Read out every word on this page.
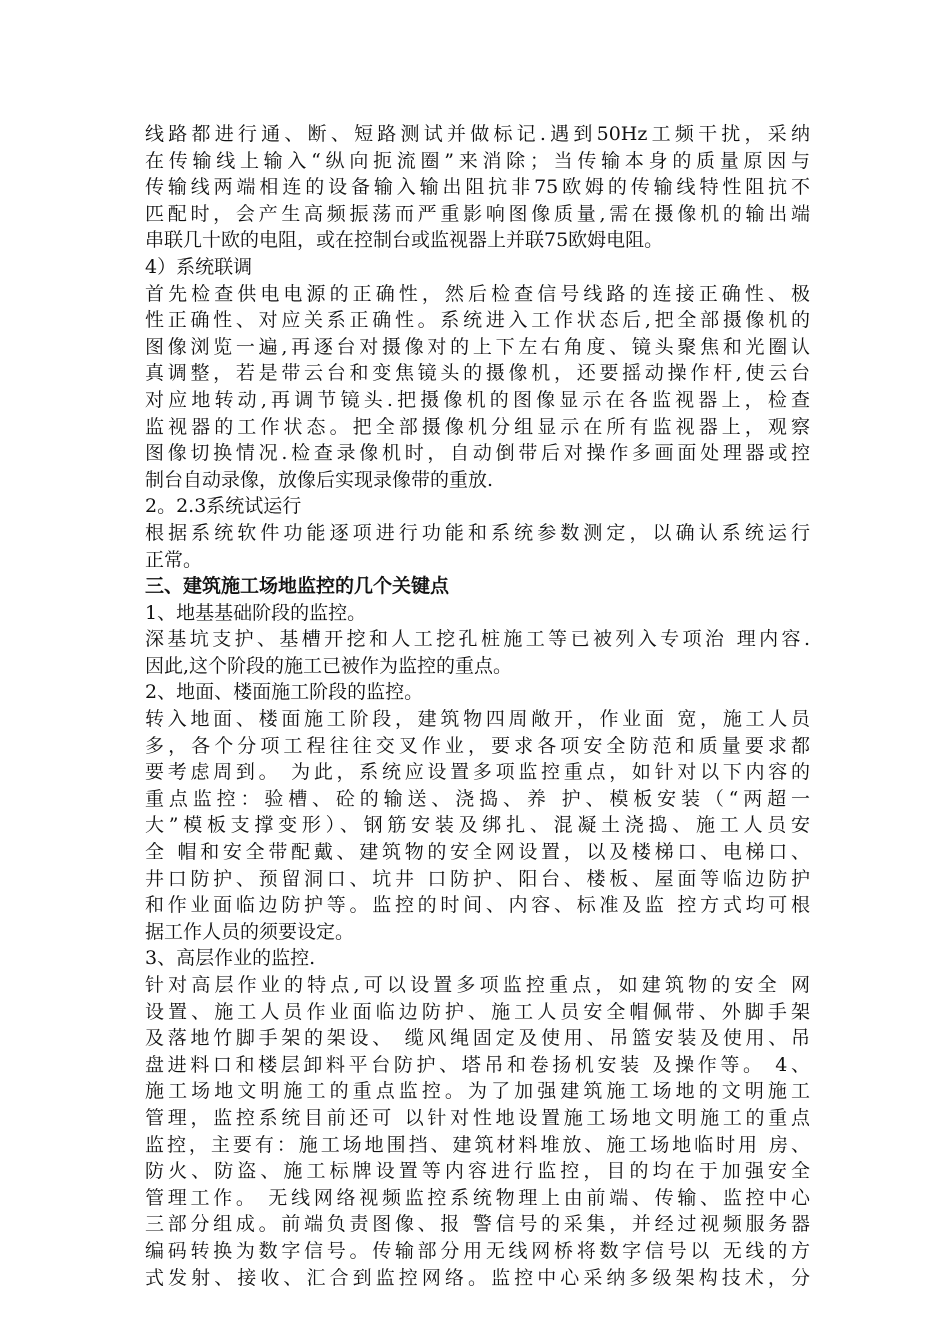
线路都进行通、断、短路测试并做标记.遇到50Hz工频干扰，采纳
在传输线上输入“纵向扼流圈”来消除；当传输本身的质量原因与
传输线两端相连的设备输入输出阻抗非75欧姆的传输线特性阻抗不
匹配时，会产生高频振荡而严重影响图像质量,需在摄像机的输出端
串联几十欧的电阻，或在控制台或监视器上并联75欧姆电阻。
4）系统联调
首先检查供电电源的正确性，然后检查信号线路的连接正确性、极
性正确性、对应关系正确性。系统进入工作状态后,把全部摄像机的
图像浏览一遍,再逐台对摄像对的上下左右角度、镜头聚焦和光圈认
真调整，若是带云台和变焦镜头的摄像机，还要摇动操作杆,使云台
对应地转动,再调节镜头.把摄像机的图像显示在各监视器上，检查
监视器的工作状态。把全部摄像机分组显示在所有监视器上，观察
图像切换情况.检查录像机时，自动倒带后对操作多画面处理器或控
制台自动录像，放像后实现录像带的重放.
2。2.3系统试运行
根据系统软件功能逐项进行功能和系统参数测定，以确认系统运行
正常。
三、建筑施工场地监控的几个关键点
1、地基基础阶段的监控。
深基坑支护、基槽开挖和人工挖孔桩施工等已被列入专项治 理内容.
因此,这个阶段的施工已被作为监控的重点。
2、地面、楼面施工阶段的监控。
转入地面、楼面施工阶段，建筑物四周敞开，作业面 宽，施工人员
多，各个分项工程往往交叉作业，要求各项安全防范和质量要求都
要考虑周到。 为此，系统应设置多项监控重点，如针对以下内容的
重点监控：验槽、砼的输送、浇捣、养 护、模板安装（“两超一
大”模板支撑变形）、钢筋安装及绑扎、混凝土浇捣、施工人员安
全 帽和安全带配戴、建筑物的安全网设置，以及楼梯口、电梯口、
井口防护、预留洞口、坑井 口防护、阳台、楼板、屋面等临边防护
和作业面临边防护等。监控的时间、内容、标准及监 控方式均可根
据工作人员的须要设定。
3、高层作业的监控.
针对高层作业的特点,可以设置多项监控重点，如建筑物的安全 网
设置、施工人员作业面临边防护、施工人员安全帽佩带、外脚手架
及落地竹脚手架的架设、 缆风绳固定及使用、吊篮安装及使用、吊
盘进料口和楼层卸料平台防护、塔吊和卷扬机安装 及操作等。 4、
施工场地文明施工的重点监控。为了加强建筑施工场地的文明施工
管理，监控系统目前还可 以针对性地设置施工场地文明施工的重点
监控，主要有：施工场地围挡、建筑材料堆放、施工场地临时用 房、
防火、防盗、施工标牌设置等内容进行监控，目的均在于加强安全
管理工作。 无线网络视频监控系统物理上由前端、传输、监控中心
三部分组成。前端负责图像、报 警信号的采集，并经过视频服务器
编码转换为数字信号。传输部分用无线网桥将数字信号以 无线的方
式发射、接收、汇合到监控网络。监控中心采纳多级架构技术，分
